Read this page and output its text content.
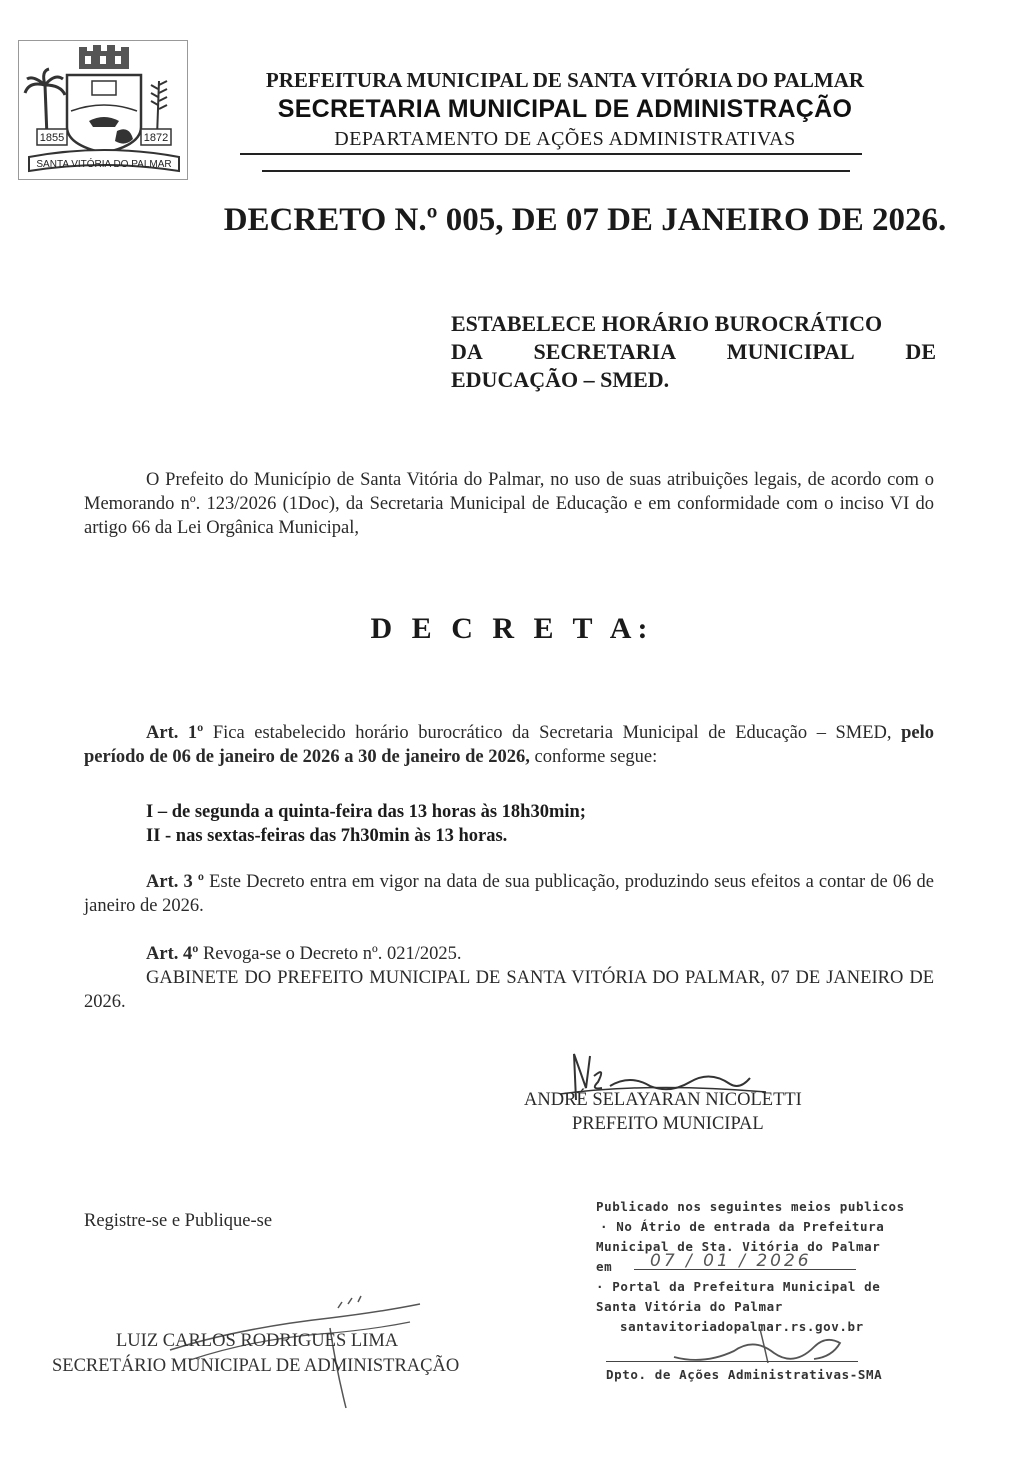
1855	1872
SANTA VITÓRIA DO PALMAR
PREFEITURA MUNICIPAL DE SANTA VITÓRIA DO PALMAR
SECRETARIA MUNICIPAL DE ADMINISTRAÇÃO
DEPARTAMENTO DE AÇÕES ADMINISTRATIVAS
DECRETO N.º 005, DE 07 DE JANEIRO DE 2026.
ESTABELECE HORÁRIO BUROCRÁTICO
DA SECRETARIA MUNICIPAL DE
EDUCAÇÃO – SMED.
O Prefeito do Município de Santa Vitória do Palmar, no uso de suas atribuições legais, de acordo com o Memorando nº. 123/2026 (1Doc), da Secretaria Municipal de Educação e em conformidade com o inciso VI do artigo 66 da Lei Orgânica Municipal,
D E C R E T A:
Art. 1º Fica estabelecido horário burocrático da Secretaria Municipal de Educação – SMED, pelo período de 06 de janeiro de 2026 a 30 de janeiro de 2026, conforme segue:
I – de segunda a quinta-feira das 13 horas às 18h30min;
II - nas sextas-feiras das 7h30min às 13 horas.
Art. 3 º Este Decreto entra em vigor na data de sua publicação, produzindo seus efeitos a contar de 06 de janeiro de 2026.
Art. 4º Revoga-se o Decreto nº. 021/2025.
GABINETE DO PREFEITO MUNICIPAL DE SANTA VITÓRIA DO PALMAR, 07 DE JANEIRO DE 2026.
ANDRÉ SELAYARAN NICOLETTI
PREFEITO MUNICIPAL
Registre-se e Publique-se
LUIZ CARLOS RODRIGUES LIMA
SECRETÁRIO MUNICIPAL DE ADMINISTRAÇÃO
Publicado nos seguintes meios publicos
· No Átrio de entrada da Prefeitura
Municipal de Sta. Vitória do Palmar
em 07 / 01 / 2026
· Portal da Prefeitura Municipal de
Santa Vitória do Palmar
santavitoriadopalmar.rs.gov.br
Dpto. de Ações Administrativas-SMA
